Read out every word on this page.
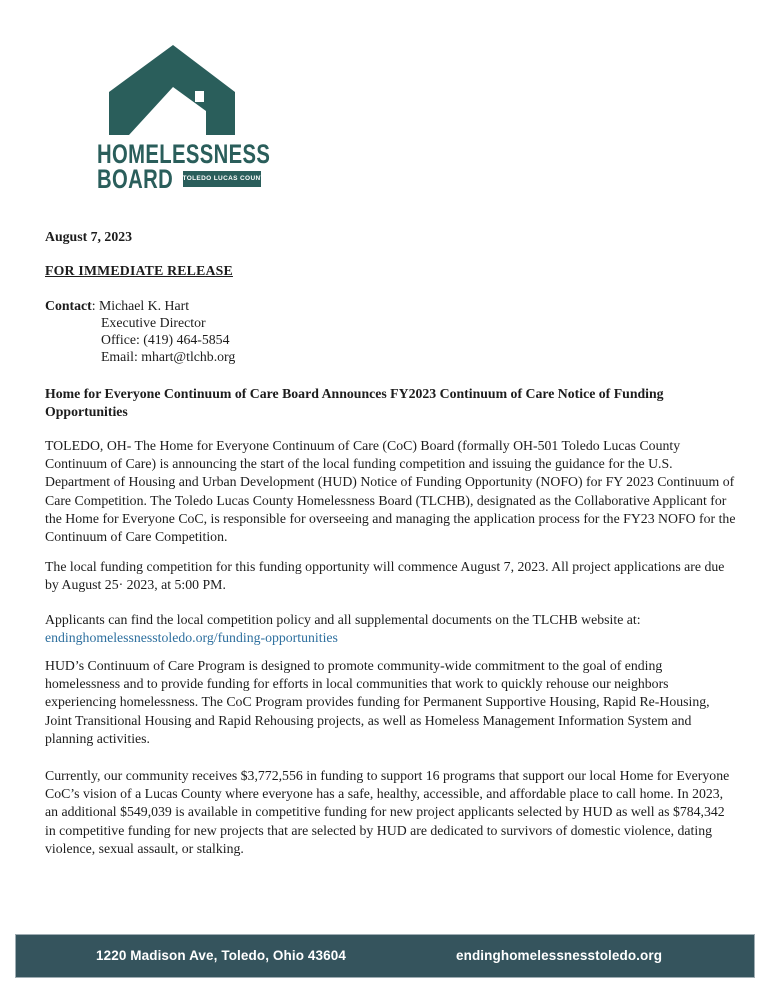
HOMELESSNESS
BOARD TOLEDO LUCAS COUNTY
August 7, 2023
FOR IMMEDIATE RELEASE
Contact: Michael K. Hart
Executive Director
Office: (419) 464-5854
Email: mhart@tlchb.org
Home for Everyone Continuum of Care Board Announces FY2023 Continuum of Care Notice of Funding Opportunities
TOLEDO, OH- The Home for Everyone Continuum of Care (CoC) Board (formally OH-501 Toledo Lucas County Continuum of Care) is announcing the start of the local funding competition and issuing the guidance for the U.S. Department of Housing and Urban Development (HUD) Notice of Funding Opportunity (NOFO) for FY 2023 Continuum of Care Competition. The Toledo Lucas County Homelessness Board (TLCHB), designated as the Collaborative Applicant for the Home for Everyone CoC, is responsible for overseeing and managing the application process for the FY23 NOFO for the Continuum of Care Competition.
The local funding competition for this funding opportunity will commence August 7, 2023. All project applications are due by August 25· 2023, at 5:00 PM.
Applicants can find the local competition policy and all supplemental documents on the TLCHB website at:
endinghomelessnesstoledo.org/funding-opportunities
HUD’s Continuum of Care Program is designed to promote community-wide commitment to the goal of ending homelessness and to provide funding for efforts in local communities that work to quickly rehouse our neighbors experiencing homelessness. The CoC Program provides funding for Permanent Supportive Housing, Rapid Re-Housing, Joint Transitional Housing and Rapid Rehousing projects, as well as Homeless Management Information System and planning activities.
Currently, our community receives $3,772,556 in funding to support 16 programs that support our local Home for Everyone CoC’s vision of a Lucas County where everyone has a safe, healthy, accessible, and affordable place to call home. In 2023, an additional $549,039 is available in competitive funding for new project applicants selected by HUD as well as $784,342 in competitive funding for new projects that are selected by HUD are dedicated to survivors of domestic violence, dating violence, sexual assault, or stalking.
1220 Madison Ave, Toledo, Ohio 43604	endinghomelessnesstoledo.org
